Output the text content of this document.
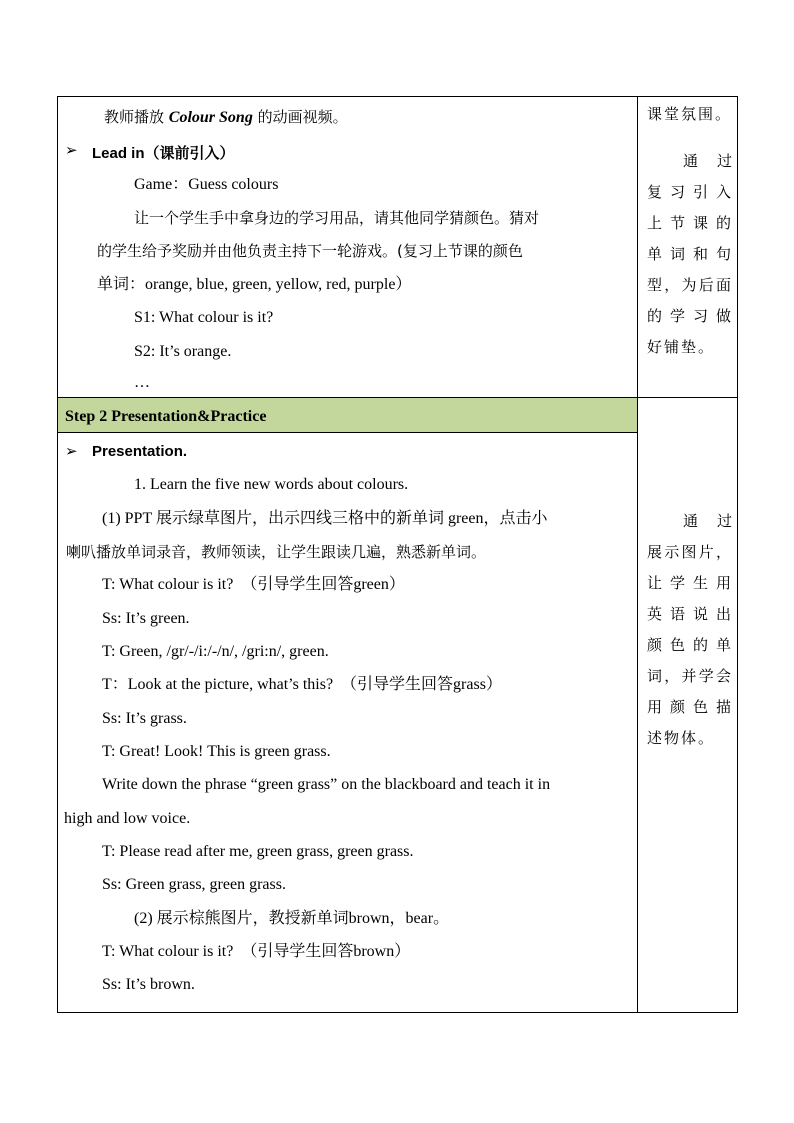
Step 2 Presentation&Practice
教师播放 Colour Song 的动画视频。
➢ Lead in（课前引入）
Game：Guess colours
让一个学生手中拿身边的学习用品，请其他同学猜颜色。猜对
的学生给予奖励并由他负责主持下一轮游戏。(复习上节课的颜色
单词：orange, blue, green, yellow, red, purple）
S1: What colour is it?
S2: It’s orange.
…
课堂氛围。
通　过
复习引入
上节课的
单词和句
型，为后面
的学习做
好铺垫。
➢ Presentation.
1. Learn the five new words about colours.
(1) PPT 展示绿草图片，出示四线三格中的新单词 green，点击小
喇叭播放单词录音，教师领读，让学生跟读几遍，熟悉新单词。
T: What colour is it?　（引导学生回答green）
Ss: It’s green.
T: Green, /gr/-/i:/-/n/, /gri:n/, green.
T：Look at the picture, what’s this?　（引导学生回答grass）
Ss: It’s grass.
T: Great! Look! This is green grass.
Write down the phrase “green grass” on the blackboard and teach it in
high and low voice.
T: Please read after me, green grass, green grass.
Ss: Green grass, green grass.
(2) 展示棕熊图片，教授新单词brown，bear。
T: What colour is it?　（引导学生回答brown）
Ss: It’s brown.
通　过
展示图片，
让学生用
英语说出
颜色的单
词，并学会
用颜色描
述物体。
